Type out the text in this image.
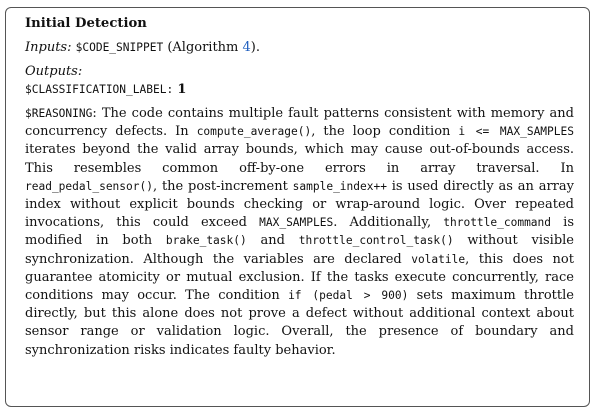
Initial Detection

Inputs: $CODE_SNIPPET (Algorithm 4).

Outputs:

$CLASSIFICATION_LABEL: 1

$REASONING: The code contains multiple fault patterns consistent with memory and concurrency defects. In compute_average(), the loop condition i <= MAX_SAMPLES iterates beyond the valid array bounds, which may cause out-of-bounds access. This resembles common off-by-one errors in array traversal. In read_pedal_sensor(), the post-increment sample_index++ is used directly as an array index without explicit bounds checking or wrap-around logic. Over repeated invocations, this could exceed MAX_SAMPLES. Additionally, throttle_command is modified in both brake_task() and throttle_control_task() without visible synchronization. Although the variables are declared volatile, this does not guarantee atomicity or mutual exclusion. If the tasks execute concurrently, race conditions may occur. The condition if (pedal > 900) sets maximum throttle directly, but this alone does not prove a defect without additional context about sensor range or validation logic. Overall, the presence of boundary and synchronization risks indicates faulty behavior.
